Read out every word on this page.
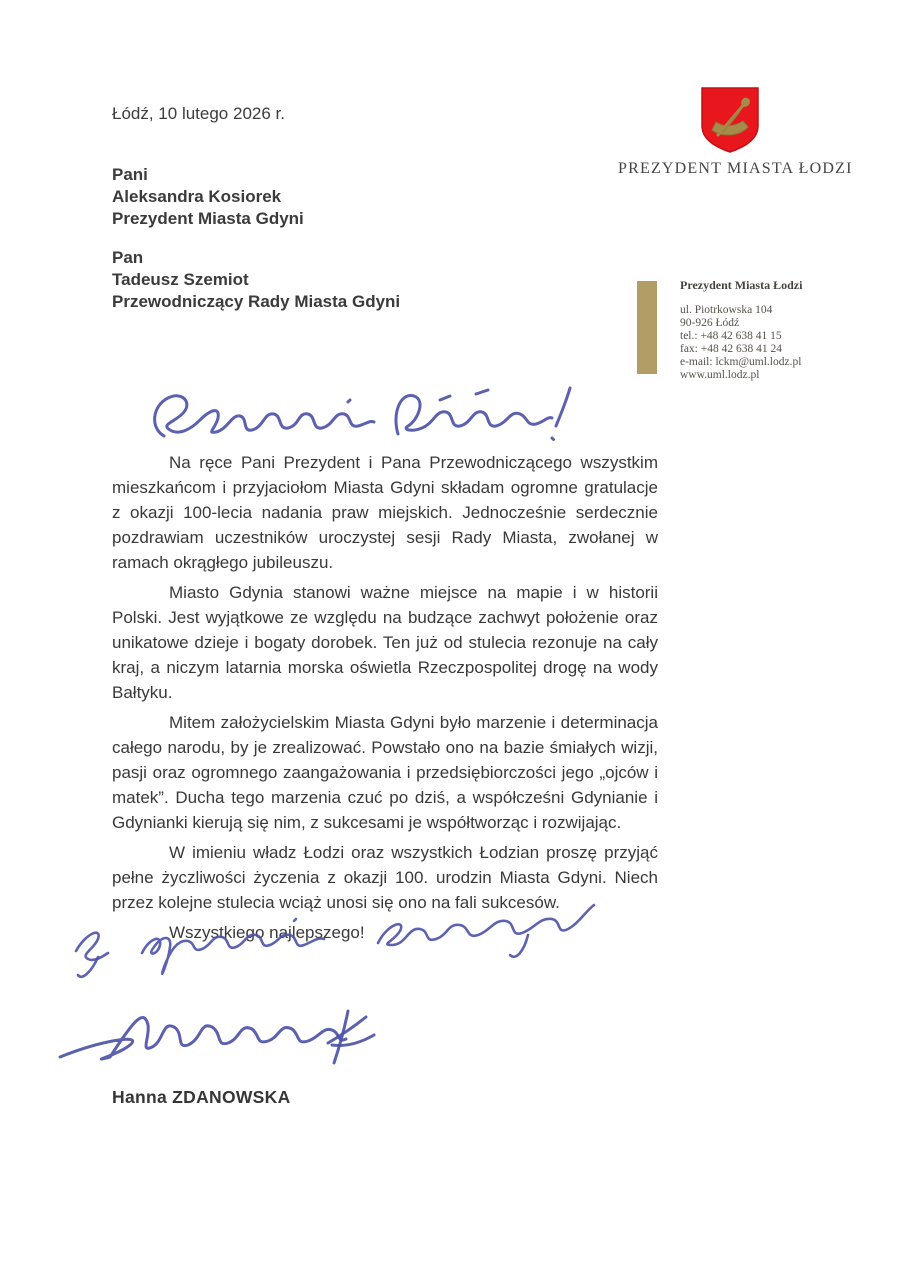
Łódź, 10 lutego 2026 r.
PREZYDENT MIASTA ŁODZI
Pani
Aleksandra Kosiorek
Prezydent Miasta Gdyni
Pan
Tadeusz Szemiot
Przewodniczący Rady Miasta Gdyni
Prezydent Miasta Łodzi
ul. Piotrkowska 104
90-926 Łódź
tel.: +48 42 638 41 15
fax: +48 42 638 41 24
e-mail: lckm@uml.lodz.pl
www.uml.lodz.pl

Na ręce Pani Prezydent i Pana Przewodniczącego wszystkim mieszkańcom i przyjaciołom Miasta Gdyni składam ogromne gratulacje z okazji 100-lecia nadania praw miejskich. Jednocześnie serdecznie pozdrawiam uczestników uroczystej sesji Rady Miasta, zwołanej w ramach okrągłego jubileuszu.

Miasto Gdynia stanowi ważne miejsce na mapie i w historii Polski. Jest wyjątkowe ze względu na budzące zachwyt położenie oraz unikatowe dzieje i bogaty dorobek. Ten już od stulecia rezonuje na cały kraj, a niczym latarnia morska oświetla Rzeczpospolitej drogę na wody Bałtyku.

Mitem założycielskim Miasta Gdyni było marzenie i determinacja całego narodu, by je zrealizować. Powstało ono na bazie śmiałych wizji, pasji oraz ogromnego zaangażowania i przedsiębiorczości jego „ojców i matek”. Ducha tego marzenia czuć po dziś, a współcześni Gdynianie i Gdynianki kierują się nim, z sukcesami je współtworząc i rozwijając.

W imieniu władz Łodzi oraz wszystkich Łodzian proszę przyjąć pełne życzliwości życzenia z okazji 100. urodzin Miasta Gdyni. Niech przez kolejne stulecia wciąż unosi się ono na fali sukcesów.

Wszystkiego najlepszego!

Hanna ZDANOWSKA
